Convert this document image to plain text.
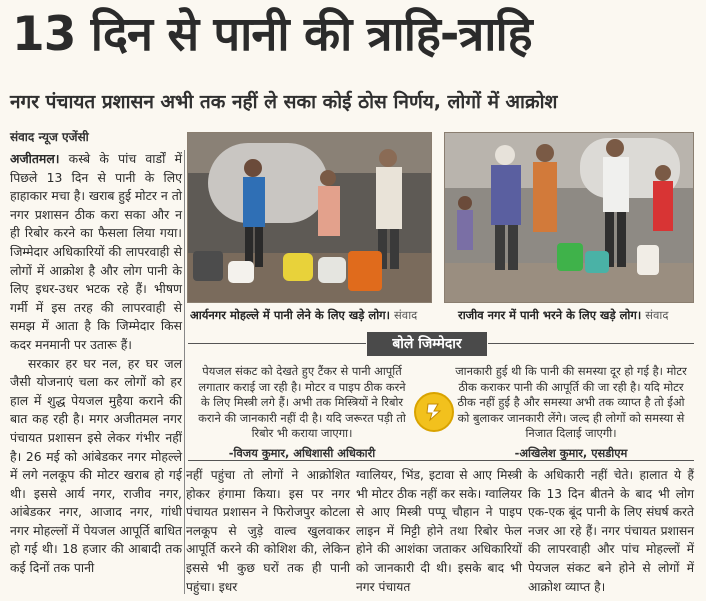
13 दिन से पानी की त्राहि-त्राहि
नगर पंचायत प्रशासन अभी तक नहीं ले सका कोई ठोस निर्णय, लोगों में आक्रोश
संवाद न्यूज एजेंसी

अजीतमल। कस्बे के पांच वार्डों में पिछले 13 दिन से पानी के लिए हाहाकार मचा है। खराब हुई मोटर न तो नगर प्रशासन ठीक करा सका और न ही रिबोर करने का फैसला लिया गया। जिम्मेदार अधिकारियों की लापरवाही से लोगों में आक्रोश है और लोग पानी के लिए इधर-उधर भटक रहे हैं। भीषण गर्मी में इस तरह की लापरवाही से समझ में आता है कि जिम्मेदार किस कदर मनमानी पर उतारू हैं।

सरकार हर घर नल, हर घर जल जैसी योजनाएं चला कर लोगों को हर हाल में शुद्ध पेयजल मुहैया कराने की बात कह रही है। मगर अजीतमल नगर पंचायत प्रशासन इसे लेकर गंभीर नहीं है। 26 मई को आंबेडकर नगर मोहल्ले में लगे नलकूप की मोटर खराब हो गई थी। इससे आर्य नगर, राजीव नगर, आंबेडकर नगर, आजाद नगर, गांधी नगर मोहल्लों में पेयजल आपूर्ति बाधित हो गई थी। 18 हजार की आबादी तक कई दिनों तक पानी

आर्यनगर मोहल्ले में पानी लेने के लिए खड़े लोग। संवाद	राजीव नगर में पानी भरने के लिए खड़े लोग। संवाद
बोले जिम्मेदार
पेयजल संकट को देखते हुए टैंकर से पानी आपूर्ति लगातार कराई जा रही है। मोटर व पाइप ठीक करने के लिए मिस्त्री लगे हैं। अभी तक मिस्त्रियों ने रिबोर कराने की जानकारी नहीं दी है। यदि जरूरत पड़ी तो रिबोर भी कराया जाएगा।
-विजय कुमार, अधिशासी अधिकारी
जानकारी हुई थी कि पानी की समस्या दूर हो गई है। मोटर ठीक कराकर पानी की आपूर्ति की जा रही है। यदि मोटर ठीक नहीं हुई है और समस्या अभी तक व्याप्त है तो ईओ को बुलाकर जानकारी लेंगे। जल्द ही लोगों को समस्या से निजात दिलाई जाएगी।
-अखिलेश कुमार, एसडीएम
नहीं पहुंचा तो लोगों ने आक्रोशित होकर हंगामा किया। इस पर नगर पंचायत प्रशासन ने फिरोजपुर कोटला नलकूप से जुड़े वाल्व खुलवाकर आपूर्ति करने की कोशिश की, लेकिन इससे भी कुछ घरों तक ही पानी पहुंचा। इधर
ग्वालियर, भिंड, इटावा से आए मिस्त्री भी मोटर ठीक नहीं कर सके। ग्वालियर से आए मिस्त्री पप्पू चौहान ने पाइप लाइन में मिट्टी होने तथा रिबोर फेल होने की आशंका जताकर अधिकारियों को जानकारी दी थी। इसके बाद भी नगर पंचायत
के अधिकारी नहीं चेते। हालात ये हैं कि 13 दिन बीतने के बाद भी लोग एक-एक बूंद पानी के लिए संघर्ष करते नजर आ रहे हैं। नगर पंचायत प्रशासन की लापरवाही और पांच मोहल्लों में पेयजल संकट बने होने से लोगों में आक्रोश व्याप्त है।
